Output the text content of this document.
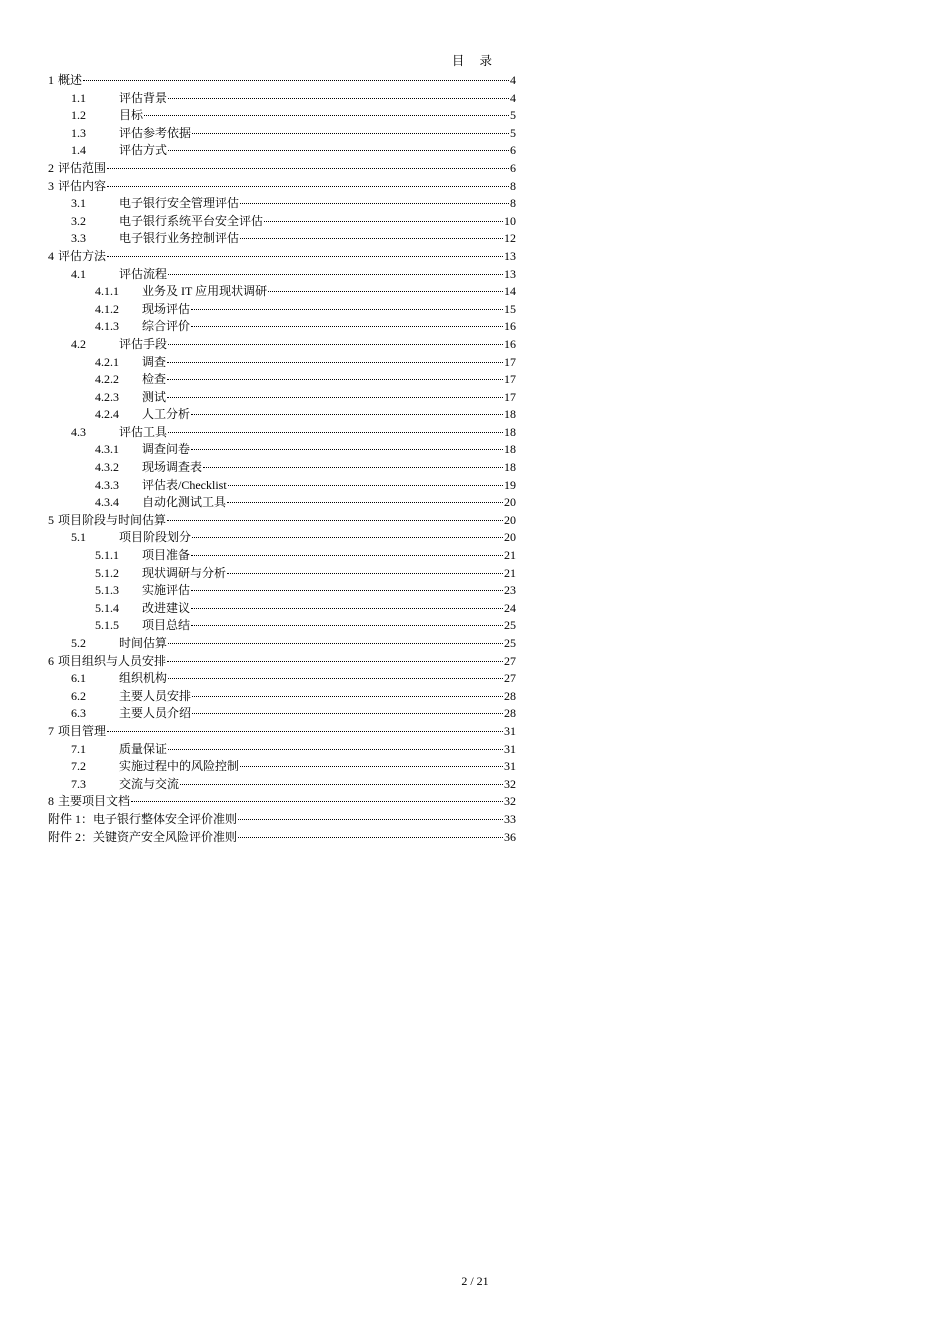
目 录
1 概述	4
1.1	评估背景	4
1.2	目标	5
1.3	评估参考依据	5
1.4	评估方式	6
2 评估范围	6
3 评估内容	8
3.1	电子银行安全管理评估	8
3.2	电子银行系统平台安全评估	10
3.3	电子银行业务控制评估	12
4 评估方法	13
4.1	评估流程	13
4.1.1	业务及 IT 应用现状调研	14
4.1.2	现场评估	15
4.1.3	综合评价	16
4.2	评估手段	16
4.2.1	调查	17
4.2.2	检查	17
4.2.3	测试	17
4.2.4	人工分析	18
4.3	评估工具	18
4.3.1	调查问卷	18
4.3.2	现场调查表	18
4.3.3	评估表/Checklist	19
4.3.4	自动化测试工具	20
5 项目阶段与时间估算	20
5.1	项目阶段划分	20
5.1.1	项目准备	21
5.1.2	现状调研与分析	21
5.1.3	实施评估	23
5.1.4	改进建议	24
5.1.5	项目总结	25
5.2	时间估算	25
6 项目组织与人员安排	27
6.1	组织机构	27
6.2	主要人员安排	28
6.3	主要人员介绍	28
7 项目管理	31
7.1	质量保证	31
7.2	实施过程中的风险控制	31
7.3	交流与交流	32
8 主要项目文档	32
附件 1：电子银行整体安全评价准则	33
附件 2：关键资产安全风险评价准则	36
2 / 21
